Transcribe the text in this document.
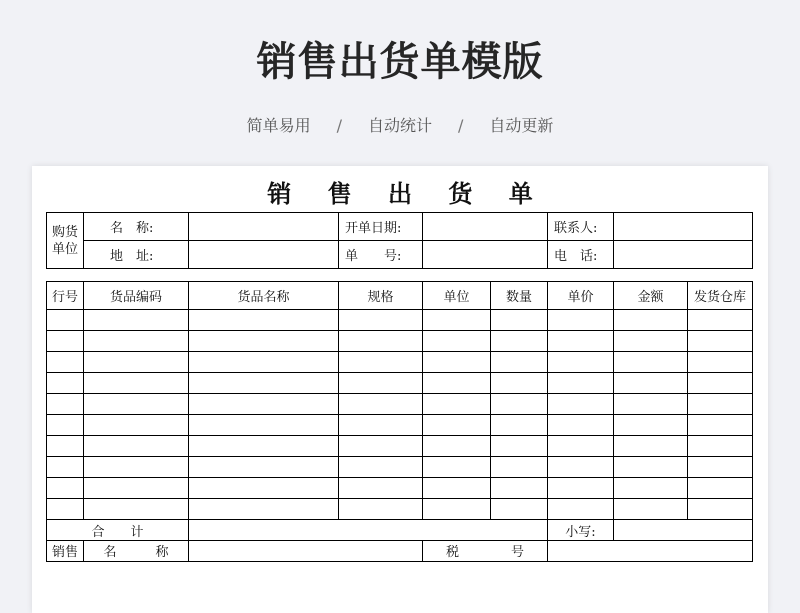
销售出货单模版
简单易用 / 自动统计 / 自动更新
销 售 出 货 单
购货单位	名　称:		开单日期:		联系人:	
	地　址:		单　　号:		电　话:	
行号	货品编码	货品名称	规格	单位	数量	单价	金额	发货仓库

合　　计						小写:		
销售	名　　　称			税　　　　号				
